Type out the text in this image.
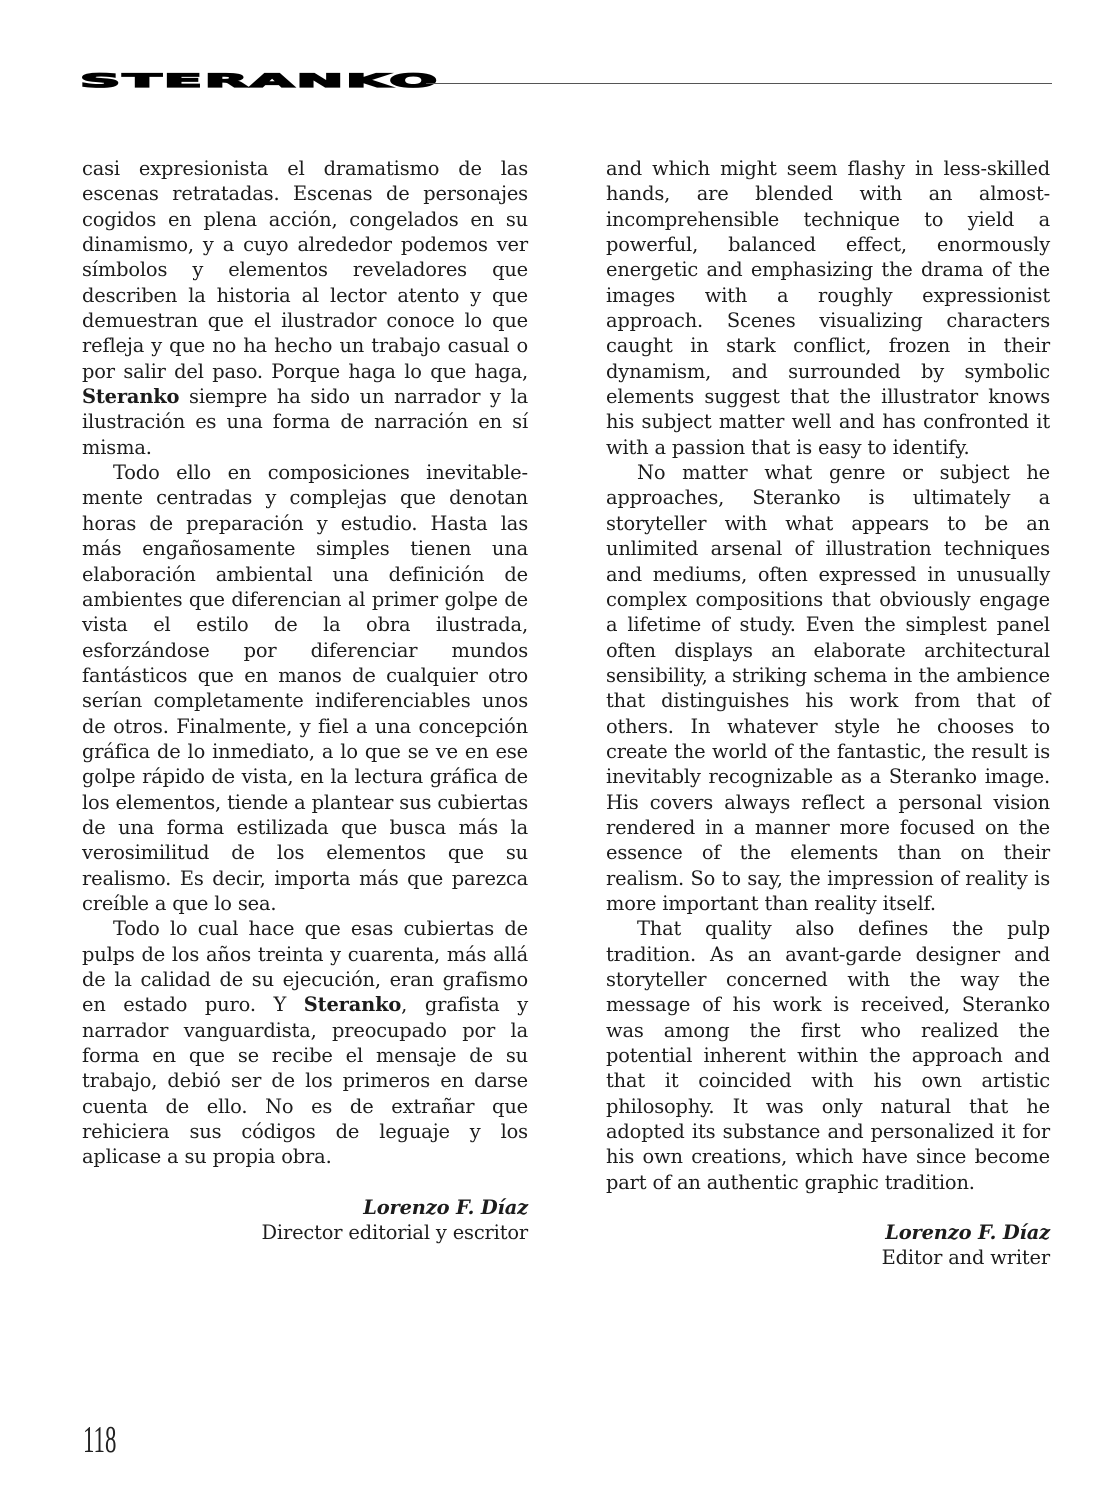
STERANKO

casi expresionista el dramatismo de las escenas retratadas. Escenas de personajes cogidos en plena acción, congelados en su dinamismo, y a cuyo alrededor podemos ver símbolos y elementos reveladores que describen la historia al lector atento y que demuestran que el ilustrador conoce lo que refleja y que no ha hecho un trabajo casual o por salir del paso. Porque haga lo que haga, Steranko siempre ha sido un narrador y la ilustración es una forma de narración en sí misma.

Todo ello en composiciones inevitablemente centradas y complejas que denotan horas de preparación y estudio. Hasta las más engañosamente simples tienen una elaboración ambiental una definición de ambientes que diferencian al primer golpe de vista el estilo de la obra ilustrada, esforzándose por diferenciar mundos fantásticos que en manos de cualquier otro serían completamente indiferenciables unos de otros. Finalmente, y fiel a una concepción gráfica de lo inmediato, a lo que se ve en ese golpe rápido de vista, en la lectura gráfica de los elementos, tiende a plantear sus cubiertas de una forma estilizada que busca más la verosimilitud de los elementos que su realismo. Es decir, importa más que parezca creíble a que lo sea.

Todo lo cual hace que esas cubiertas de pulps de los años treinta y cuarenta, más allá de la calidad de su ejecución, eran grafismo en estado puro. Y Steranko, grafista y narrador vanguardista, preocupado por la forma en que se recibe el mensaje de su trabajo, debió ser de los primeros en darse cuenta de ello. No es de extrañar que rehiciera sus códigos de leguaje y los aplicase a su propia obra.

Lorenzo F. Díaz
Director editorial y escritor

and which might seem flashy in less-skilled hands, are blended with an almost-incomprehensible technique to yield a powerful, balanced effect, enormously energetic and emphasizing the drama of the images with a roughly expressionist approach. Scenes visualizing characters caught in stark conflict, frozen in their dynamism, and surrounded by symbolic elements suggest that the illustrator knows his subject matter well and has confronted it with a passion that is easy to identify.

No matter what genre or subject he approaches, Steranko is ultimately a storyteller with what appears to be an unlimited arsenal of illustration techniques and mediums, often expressed in unusually complex compositions that obviously engage a lifetime of study. Even the simplest panel often displays an elaborate architectural sensibility, a striking schema in the ambience that distinguishes his work from that of others. In whatever style he chooses to create the world of the fantastic, the result is inevitably recognizable as a Steranko image. His covers always reflect a personal vision rendered in a manner more focused on the essence of the elements than on their realism. So to say, the impression of reality is more important than reality itself.

That quality also defines the pulp tradition. As an avant-garde designer and storyteller concerned with the way the message of his work is received, Steranko was among the first who realized the potential inherent within the approach and that it coincided with his own artistic philosophy. It was only natural that he adopted its substance and personalized it for his own creations, which have since become part of an authentic graphic tradition.

Lorenzo F. Díaz
Editor and writer
118
